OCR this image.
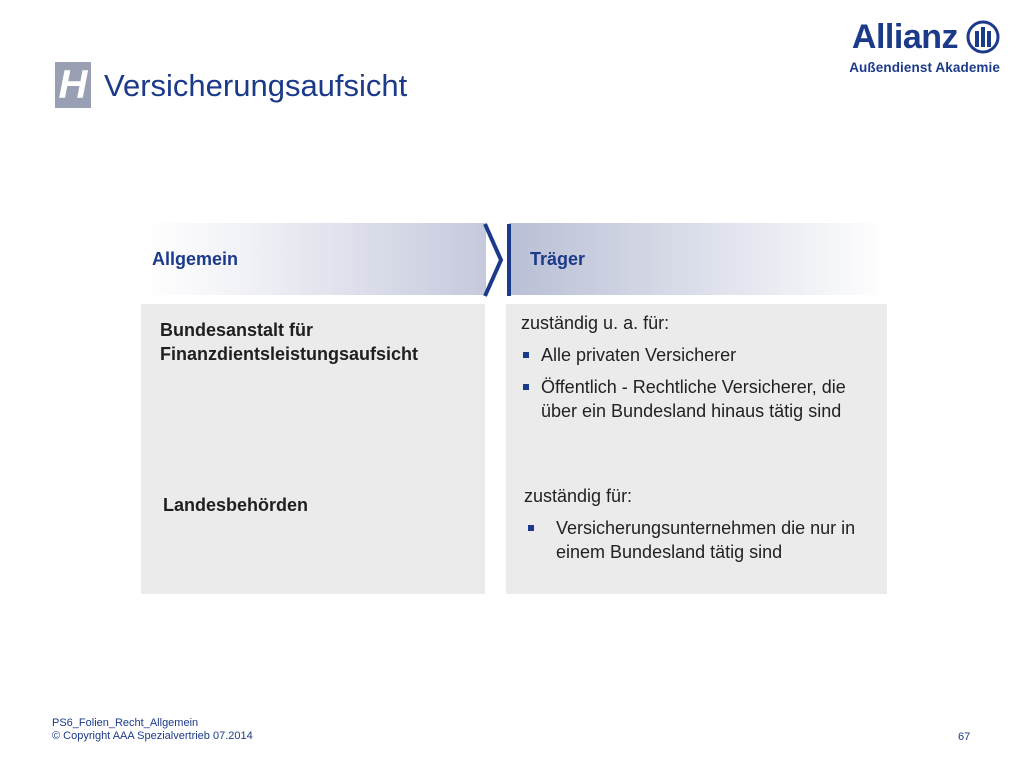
H Versicherungsaufsicht
Allianz
Außendienst Akademie
Allgemein	Träger
Bundesanstalt für Finanzdientsleistungsaufsicht
Landesbehörden
zuständig u. a. für:
Alle privaten Versicherer
Öffentlich - Rechtliche Versicherer, die über ein Bundesland hinaus tätig sind
zuständig für:
Versicherungsunternehmen die nur in einem Bundesland tätig sind
PS6_Folien_Recht_Allgemein
© Copyright AAA Spezialvertrieb 07.2014	67
